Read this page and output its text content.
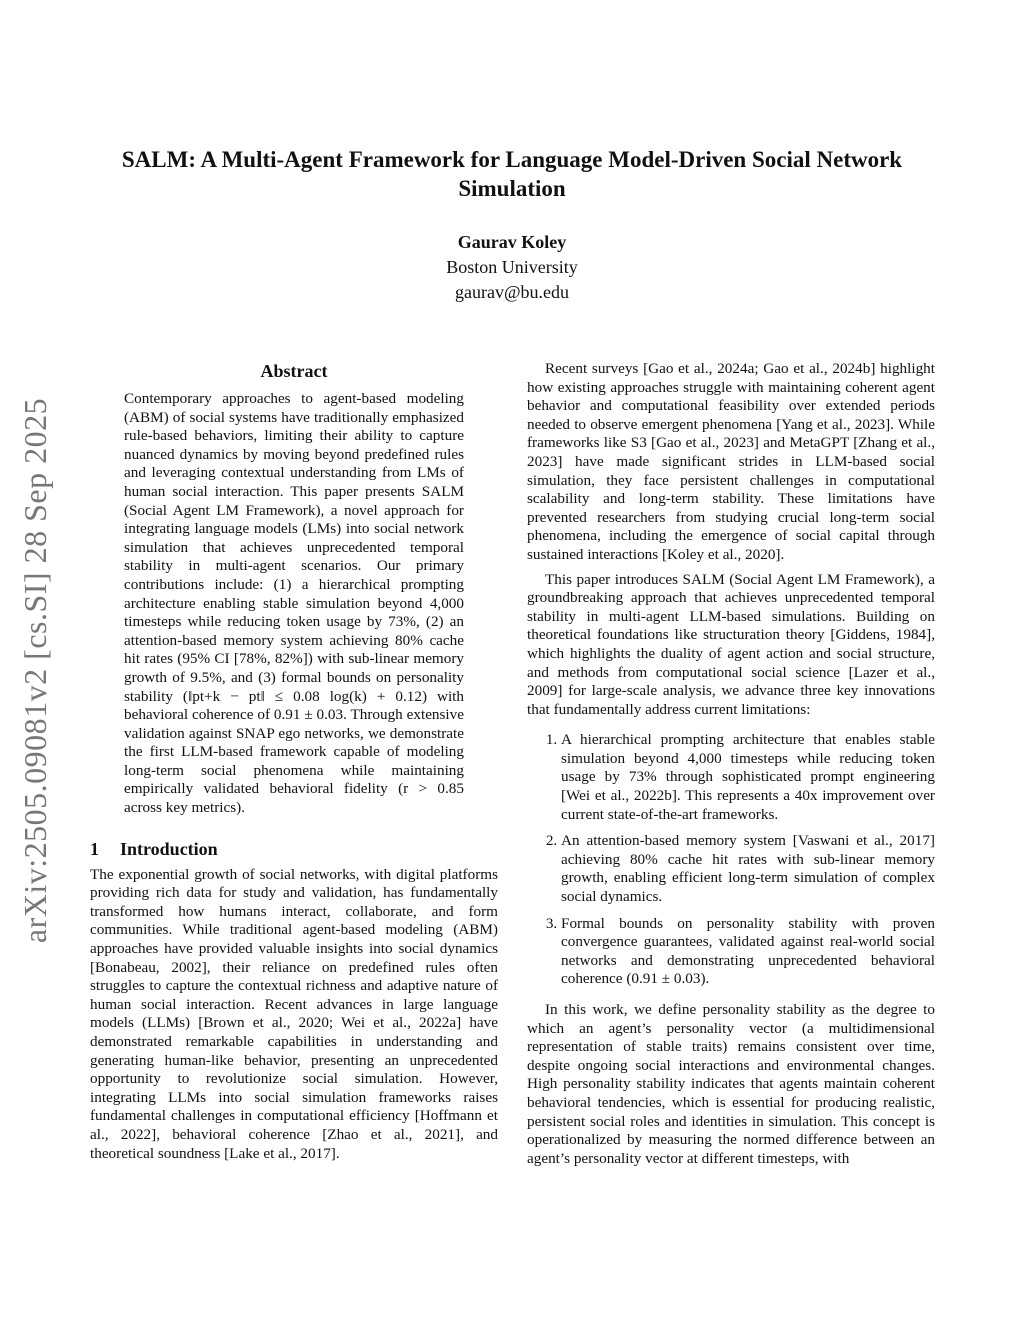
arXiv:2505.09081v2 [cs.SI] 28 Sep 2025
SALM: A Multi-Agent Framework for Language Model-Driven Social Network Simulation
Gaurav Koley
Boston University
gaurav@bu.edu
Abstract

Contemporary approaches to agent-based modeling (ABM) of social systems have traditionally emphasized rule-based behaviors, limiting their ability to capture nuanced dynamics by moving beyond predefined rules and leveraging contextual understanding from LMs of human social interaction. This paper presents SALM (Social Agent LM Framework), a novel approach for integrating language models (LMs) into social network simulation that achieves unprecedented temporal stability in multi-agent scenarios. Our primary contributions include: (1) a hierarchical prompting architecture enabling stable simulation beyond 4,000 timesteps while reducing token usage by 73%, (2) an attention-based memory system achieving 80% cache hit rates (95% CI [78%, 82%]) with sub-linear memory growth of 9.5%, and (3) formal bounds on personality stability (‖pt+k − pt‖ ≤ 0.08 log(k) + 0.12) with behavioral coherence of 0.91 ± 0.03. Through extensive validation against SNAP ego networks, we demonstrate the first LLM-based framework capable of modeling long-term social phenomena while maintaining empirically validated behavioral fidelity (r > 0.85 across key metrics).

1 Introduction

The exponential growth of social networks, with digital platforms providing rich data for study and validation, has fundamentally transformed how humans interact, collaborate, and form communities. While traditional agent-based modeling (ABM) approaches have provided valuable insights into social dynamics [Bonabeau, 2002], their reliance on predefined rules often struggles to capture the contextual richness and adaptive nature of human social interaction. Recent advances in large language models (LLMs) [Brown et al., 2020; Wei et al., 2022a] have demonstrated remarkable capabilities in understanding and generating human-like behavior, presenting an unprecedented opportunity to revolutionize social simulation. However, integrating LLMs into social simulation frameworks raises fundamental challenges in computational efficiency [Hoffmann et al., 2022], behavioral coherence [Zhao et al., 2021], and theoretical soundness [Lake et al., 2017].

Recent surveys [Gao et al., 2024a; Gao et al., 2024b] highlight how existing approaches struggle with maintaining coherent agent behavior and computational feasibility over extended periods needed to observe emergent phenomena [Yang et al., 2023]. While frameworks like S3 [Gao et al., 2023] and MetaGPT [Zhang et al., 2023] have made significant strides in LLM-based social simulation, they face persistent challenges in computational scalability and long-term stability. These limitations have prevented researchers from studying crucial long-term social phenomena, including the emergence of social capital through sustained interactions [Koley et al., 2020].

This paper introduces SALM (Social Agent LM Framework), a groundbreaking approach that achieves unprecedented temporal stability in multi-agent LLM-based simulations. Building on theoretical foundations like structuration theory [Giddens, 1984], which highlights the duality of agent action and social structure, and methods from computational social science [Lazer et al., 2009] for large-scale analysis, we advance three key innovations that fundamentally address current limitations:

1. A hierarchical prompting architecture that enables stable simulation beyond 4,000 timesteps while reducing token usage by 73% through sophisticated prompt engineering [Wei et al., 2022b]. This represents a 40x improvement over current state-of-the-art frameworks.
2. An attention-based memory system [Vaswani et al., 2017] achieving 80% cache hit rates with sub-linear memory growth, enabling efficient long-term simulation of complex social dynamics.
3. Formal bounds on personality stability with proven convergence guarantees, validated against real-world social networks and demonstrating unprecedented behavioral coherence (0.91 ± 0.03).

In this work, we define personality stability as the degree to which an agent’s personality vector (a multidimensional representation of stable traits) remains consistent over time, despite ongoing social interactions and environmental changes. High personality stability indicates that agents maintain coherent behavioral tendencies, which is essential for producing realistic, persistent social roles and identities in simulation. This concept is operationalized by measuring the normed difference between an agent’s personality vector at different timesteps, with
